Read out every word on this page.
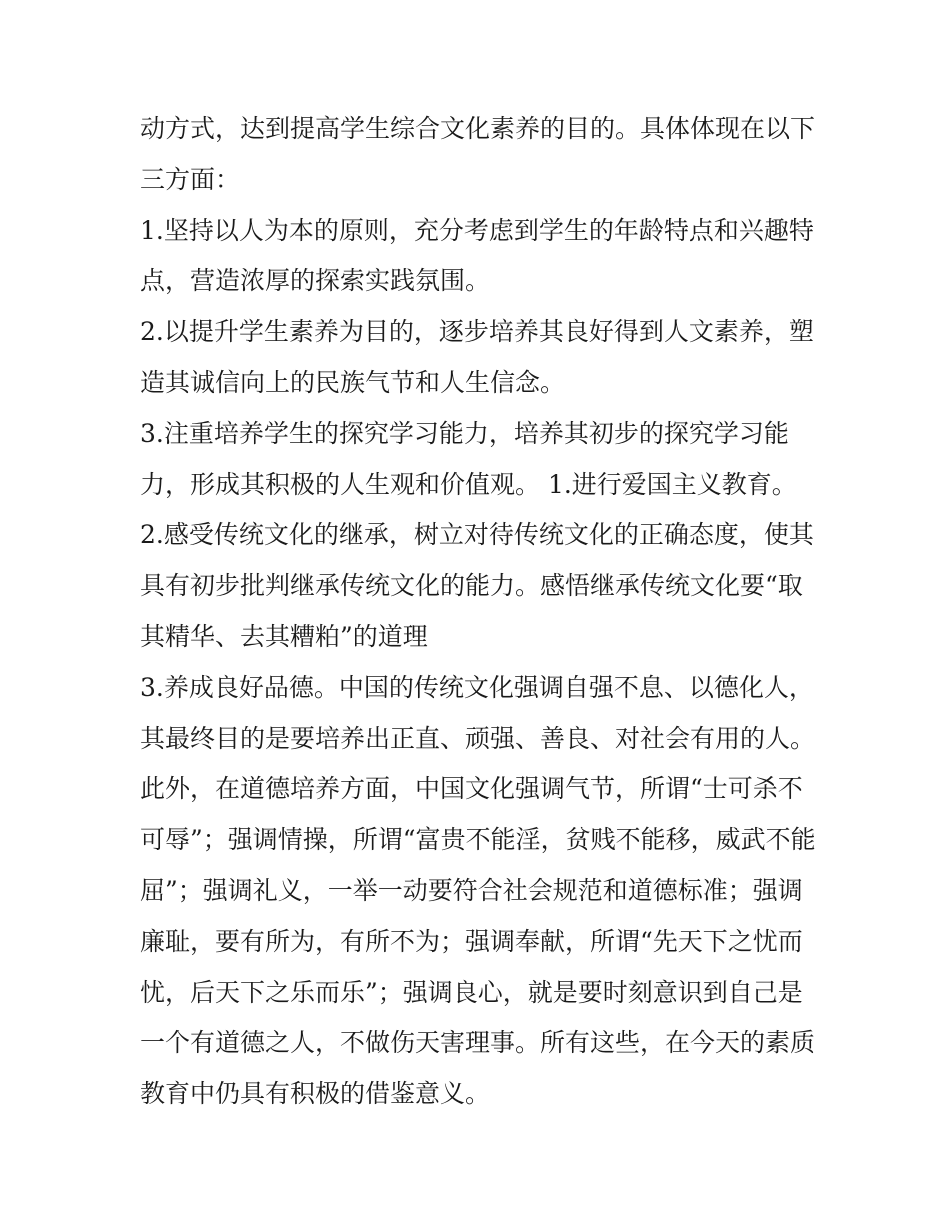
动方式，达到提高学生综合文化素养的目的。具体体现在以下
三方面：
1.坚持以人为本的原则，充分考虑到学生的年龄特点和兴趣特
点，营造浓厚的探索实践氛围。
2.以提升学生素养为目的，逐步培养其良好得到人文素养，塑
造其诚信向上的民族气节和人生信念。
3.注重培养学生的探究学习能力，培养其初步的探究学习能
力，形成其积极的人生观和价值观。 1.进行爱国主义教育。
2.感受传统文化的继承，树立对待传统文化的正确态度，使其
具有初步批判继承传统文化的能力。感悟继承传统文化要“取
其精华、去其糟粕”的道理
3.养成良好品德。中国的传统文化强调自强不息、以德化人，
其最终目的是要培养出正直、顽强、善良、对社会有用的人。
此外，在道德培养方面，中国文化强调气节，所谓“士可杀不
可辱”；强调情操，所谓“富贵不能淫，贫贱不能移，威武不能
屈”；强调礼义，一举一动要符合社会规范和道德标准；强调
廉耻，要有所为，有所不为；强调奉献，所谓“先天下之忧而
忧，后天下之乐而乐”；强调良心，就是要时刻意识到自己是
一个有道德之人，不做伤天害理事。所有这些，在今天的素质
教育中仍具有积极的借鉴意义。
